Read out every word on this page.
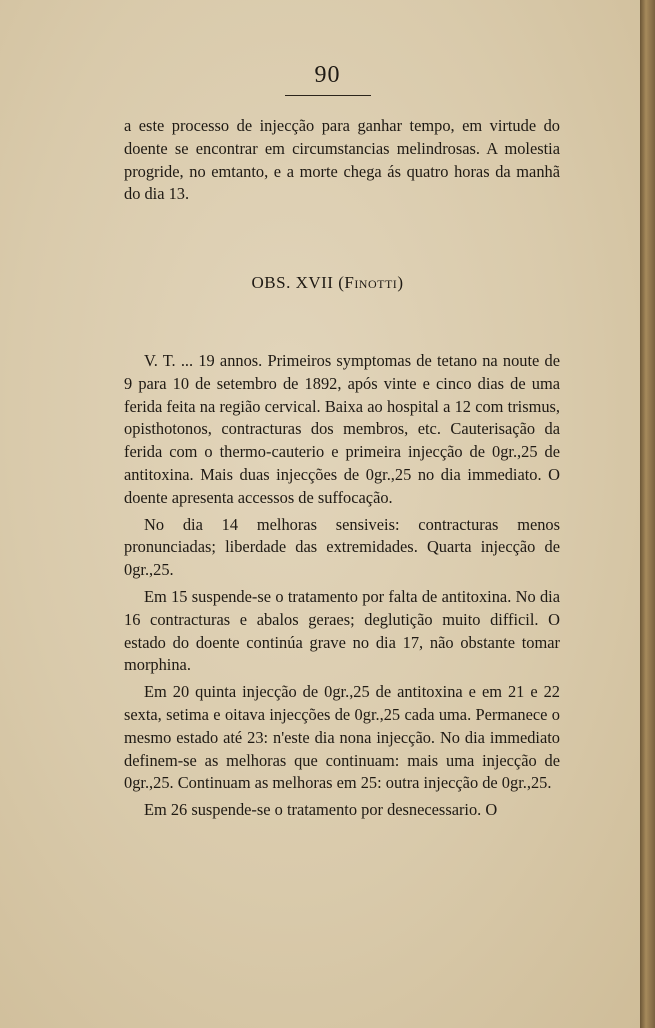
90
a este processo de injecção para ganhar tempo, em virtude do doente se encontrar em circumstancias melindrosas. A molestia progride, no emtanto, e a morte chega ás quatro horas da manhã do dia 13.
OBS. XVII (Finotti)

V. T. ... 19 annos. Primeiros symptomas de tetano na noute de 9 para 10 de setembro de 1892, após vinte e cinco dias de uma ferida feita na região cervical. Baixa ao hospital a 12 com trismus, opisthotonos, contracturas dos membros, etc. Cauterisação da ferida com o thermo-cauterio e primeira injecção de 0gr.,25 de antitoxina. Mais duas injecções de 0gr.,25 no dia immediato. O doente apresenta accessos de suffocação.

No dia 14 melhoras sensiveis: contracturas menos pronunciadas; liberdade das extremidades. Quarta injecção de 0gr.,25.

Em 15 suspende-se o tratamento por falta de antitoxina. No dia 16 contracturas e abalos geraes; deglutição muito difficil. O estado do doente continúa grave no dia 17, não obstante tomar morphina.

Em 20 quinta injecção de 0gr.,25 de antitoxina e em 21 e 22 sexta, setima e oitava injecções de 0gr.,25 cada uma. Permanece o mesmo estado até 23: n'este dia nona injecção. No dia immediato definem-se as melhoras que continuam: mais uma injecção de 0gr.,25. Continuam as melhoras em 25: outra injecção de 0gr.,25.

Em 26 suspende-se o tratamento por desnecessario. O
